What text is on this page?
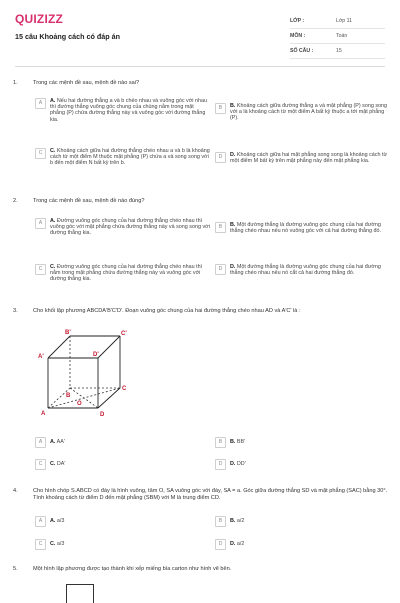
QUIZIZZ
15 câu Khoảng cách có đáp án
LỚP :	Lớp 11
MÔN :	Toán
SỐ CÂU :	15
1.	Trong các mệnh đề sau, mệnh đề nào sai?
A	A. Nếu hai đường thẳng a và b chéo nhau và vuông góc với nhau thì đường thẳng vuông góc chung của chúng nằm trong mặt phẳng (P) chứa đường thẳng này và vuông góc với đường thẳng kia.
B	B. Khoảng cách giữa đường thẳng a và mặt phẳng (P) song song với a là khoảng cách từ một điểm A bất kỳ thuộc a tới mặt phẳng (P).
C	C. Khoảng cách giữa hai đường thẳng chéo nhau a và b là khoảng cách từ một điểm M thuộc mặt phẳng (P) chứa a và song song với b đến một điểm N bất kỳ trên b.
D	D. Khoảng cách giữa hai mặt phẳng song song là khoảng cách từ một điểm M bất kỳ trên mặt phẳng này đến mặt phẳng kia.
2.	Trong các mệnh đề sau, mệnh đề nào đúng?
A	A. Đường vuông góc chung của hai đường thẳng chéo nhau thì vuông góc với mặt phẳng chứa đường thẳng này và song song với đường thẳng kia.
B	B. Một đường thẳng là đường vuông góc chung của hai đường thẳng chéo nhau nếu nó vuông góc với cả hai đường thẳng đó.
C	C. Đường vuông góc chung của hai đường thẳng chéo nhau thì nằm trong mặt phẳng chứa đường thẳng này và vuông góc với đường thẳng kia.
D	D. Một đường thẳng là đường vuông góc chung của hai đường thẳng chéo nhau nếu nó cắt cả hai đường thẳng đó.
3.	Cho khối lập phương ABCDA'B'C'D'. Đoạn vuông góc chung của hai đường thẳng chéo nhau AD và A'C' là :
A	A. AA'	B	B. BB'
C	C. DA'	D	D. DD'
A
B
C
D
A'
B'	C'
D'
O
4.	Cho hình chóp S.ABCD có đáy là hình vuông, tâm O, SA vuông góc với đáy, SA = a. Góc giữa đường thẳng SD và mặt phẳng (SAC) bằng 30°. Tính khoảng cách từ điểm D đến mặt phẳng (SBM) với M là trung điểm CD.
A	A. a/3	B	B. a/2
C	C. a/3	D	D. a/2
5.	Một hình lập phương được tạo thành khi xếp miếng bìa carton như hình vẽ bên.
